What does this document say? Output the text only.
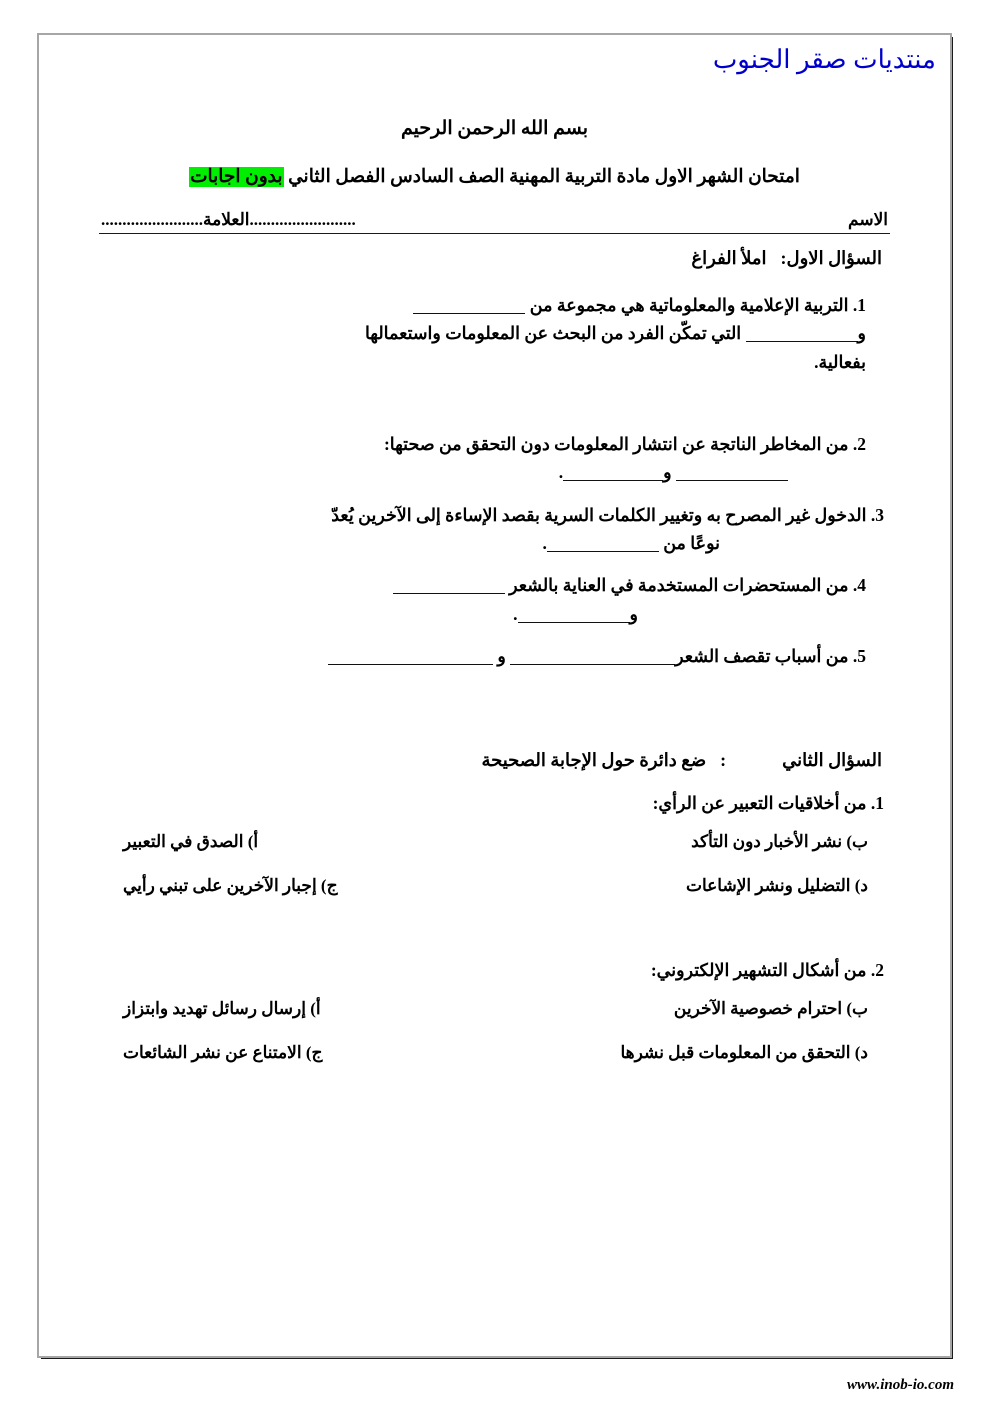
منتديات صقر الجنوب
بسم الله الرحمن الرحيم
امتحان الشهر الاول مادة التربية المهنية الصف السادس الفصل الثاني بدون اجابات
الاسم
.........................العلامة........................
السؤال الاول:املأ الفراغ
1. التربية الإعلامية والمعلوماتية هي مجموعة من
و التي تمكّن الفرد من البحث عن المعلومات واستعمالها
بفعالية.
2. من المخاطر الناتجة عن انتشار المعلومات دون التحقق من صحتها:
و.
3. الدخول غير المصرح به وتغيير الكلمات السرية بقصد الإساءة إلى الآخرين يُعدّ
نوعًا من .
4. من المستحضرات المستخدمة في العناية بالشعر
و.
5. من أسباب تقصف الشعر و
السؤال الثاني:ضع دائرة حول الإجابة الصحيحة
1. من أخلاقيات التعبير عن الرأي:
ب) نشر الأخبار دون التأكد
أ) الصدق في التعبير
د) التضليل ونشر الإشاعات
ج) إجبار الآخرين على تبني رأيي
2. من أشكال التشهير الإلكتروني:
ب) احترام خصوصية الآخرين
أ) إرسال رسائل تهديد وابتزاز
د) التحقق من المعلومات قبل نشرها
ج) الامتناع عن نشر الشائعات
www.inob-io.com
